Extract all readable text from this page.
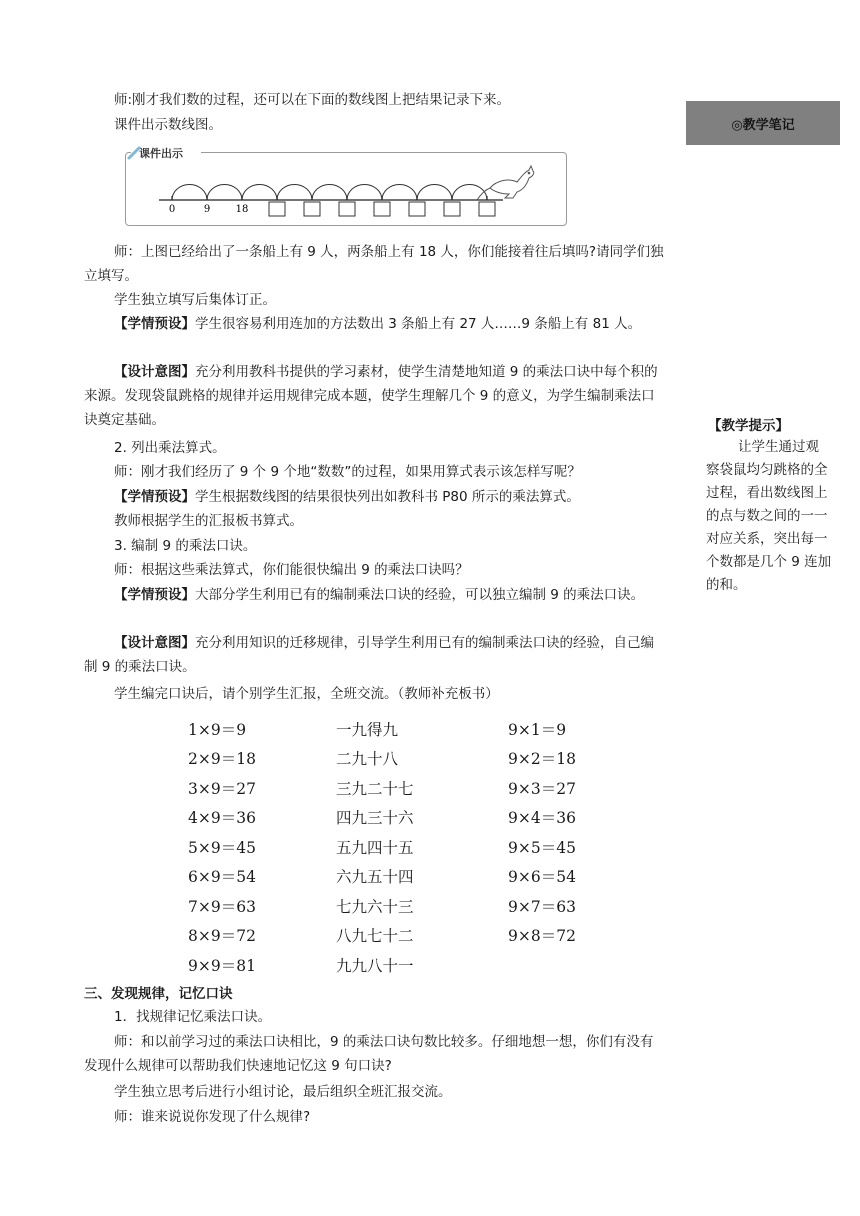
◎教学笔记
【教学提示】
让学生通过观察袋鼠均匀跳格的全过程，看出数线图上的点与数之间的一一对应关系，突出每一个数都是几个 9 连加的和。

师:刚才我们数的过程，还可以在下面的数线图上把结果记录下来。

课件出示数线图。

课件出示
0	9	18

师：上图已经给出了一条船上有 9 人，两条船上有 18 人，你们能接着往后填吗?请同学们独立填写。

学生独立填写后集体订正。

【学情预设】学生很容易利用连加的方法数出 3 条船上有 27 人……9 条船上有 81 人。

【设计意图】充分利用教科书提供的学习素材，使学生清楚地知道 9 的乘法口诀中每个积的来源。发现袋鼠跳格的规律并运用规律完成本题，使学生理解几个 9 的意义，为学生编制乘法口诀奠定基础。

2. 列出乘法算式。

师：刚才我们经历了 9 个 9 个地“数数”的过程，如果用算式表示该怎样写呢？

【学情预设】学生根据数线图的结果很快列出如教科书 P80 所示的乘法算式。

教师根据学生的汇报板书算式。

3. 编制 9 的乘法口诀。

师：根据这些乘法算式，你们能很快编出 9 的乘法口诀吗？

【学情预设】大部分学生利用已有的编制乘法口诀的经验，可以独立编制 9 的乘法口诀。

【设计意图】充分利用知识的迁移规律，引导学生利用已有的编制乘法口诀的经验，自己编制 9 的乘法口诀。

学生编完口诀后，请个别学生汇报，全班交流。（教师补充板书）

1×9＝9	一九得九	9×1＝9
2×9＝18	二九十八	9×2＝18
3×9＝27	三九二十七	9×3＝27
4×9＝36	四九三十六	9×4＝36
5×9＝45	五九四十五	9×5＝45
6×9＝54	六九五十四	9×6＝54
7×9＝63	七九六十三	9×7＝63
8×9＝72	八九七十二	9×8＝72
9×9＝81	九九八十一	
三、发现规律，记忆口诀

1．找规律记忆乘法口诀。

师：和以前学习过的乘法口诀相比，9 的乘法口诀句数比较多。仔细地想一想，你们有没有发现什么规律可以帮助我们快速地记忆这 9 句口诀?

学生独立思考后进行小组讨论，最后组织全班汇报交流。

师：谁来说说你发现了什么规律?
